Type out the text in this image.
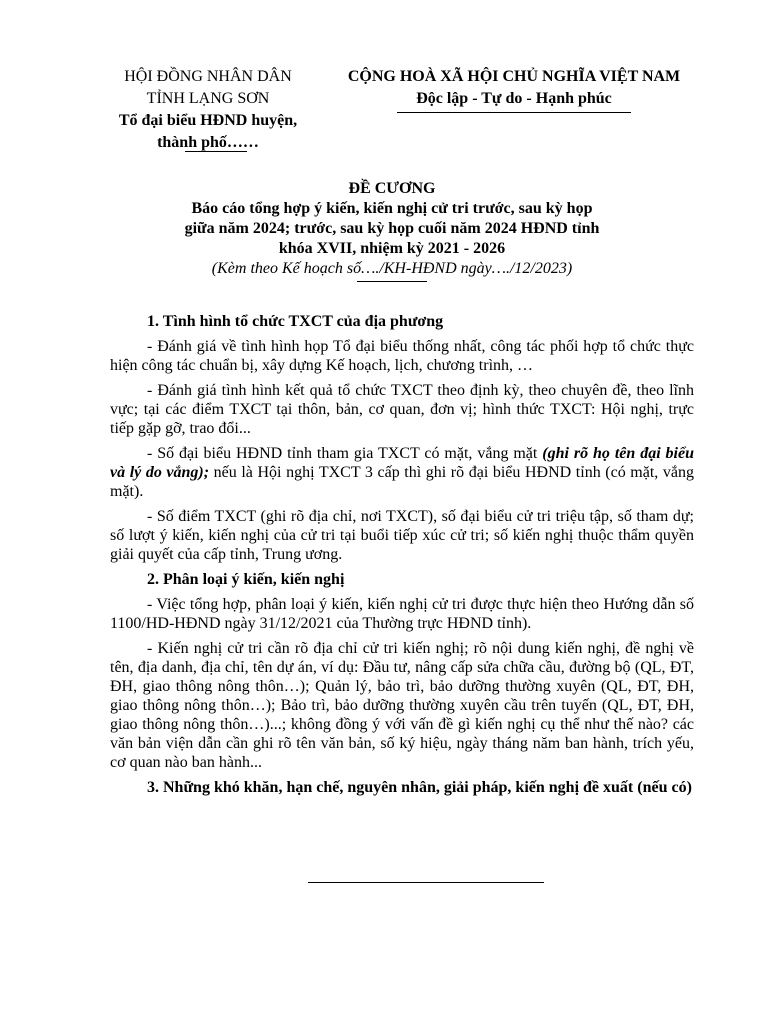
HỘI ĐỒNG NHÂN DÂN
TỈNH LẠNG SƠN
Tổ đại biểu HĐND huyện,
thành phố……
CỘNG HOÀ XÃ HỘI CHỦ NGHĨA VIỆT NAM
Độc lập - Tự do - Hạnh phúc
ĐỀ CƯƠNG
Báo cáo tổng hợp ý kiến, kiến nghị cử tri trước, sau kỳ họp
giữa năm 2024; trước, sau kỳ họp cuối năm 2024 HĐND tỉnh
khóa XVII, nhiệm kỳ 2021 - 2026
(Kèm theo Kế hoạch số…./KH-HĐND ngày…./12/2023)
1. Tình hình tổ chức TXCT của địa phương
- Đánh giá về tình hình họp Tổ đại biểu thống nhất, công tác phối hợp tổ chức thực hiện công tác chuẩn bị, xây dựng Kế hoạch, lịch, chương trình, …
- Đánh giá tình hình kết quả tổ chức TXCT theo định kỳ, theo chuyên đề, theo lĩnh vực; tại các điểm TXCT tại thôn, bản, cơ quan, đơn vị; hình thức TXCT: Hội nghị, trực tiếp gặp gỡ, trao đổi...
- Số đại biểu HĐND tỉnh tham gia TXCT có mặt, vắng mặt (ghi rõ họ tên đại biểu và lý do vắng); nếu là Hội nghị TXCT 3 cấp thì ghi rõ đại biểu HĐND tỉnh (có mặt, vắng mặt).
- Số điểm TXCT (ghi rõ địa chỉ, nơi TXCT), số đại biểu cử tri triệu tập, số tham dự; số lượt ý kiến, kiến nghị của cử tri tại buổi tiếp xúc cử tri; số kiến nghị thuộc thẩm quyền giải quyết của cấp tỉnh, Trung ương.
2. Phân loại ý kiến, kiến nghị
- Việc tổng hợp, phân loại ý kiến, kiến nghị cử tri được thực hiện theo Hướng dẫn số 1100/HD-HĐND ngày 31/12/2021 của Thường trực HĐND tỉnh).
- Kiến nghị cử tri cần rõ địa chỉ cử tri kiến nghị; rõ nội dung kiến nghị, đề nghị về tên, địa danh, địa chỉ, tên dự án, ví dụ: Đầu tư, nâng cấp sửa chữa cầu, đường bộ (QL, ĐT, ĐH, giao thông nông thôn…); Quản lý, bảo trì, bảo dưỡng thường xuyên (QL, ĐT, ĐH, giao thông nông thôn…); Bảo trì, bảo dưỡng thường xuyên cầu trên tuyến (QL, ĐT, ĐH, giao thông nông thôn…)...; không đồng ý với vấn đề gì kiến nghị cụ thể như thế nào? các văn bản viện dẫn cần ghi rõ tên văn bản, số ký hiệu, ngày tháng năm ban hành, trích yếu, cơ quan nào ban hành...
3. Những khó khăn, hạn chế, nguyên nhân, giải pháp, kiến nghị đề xuất (nếu có)
